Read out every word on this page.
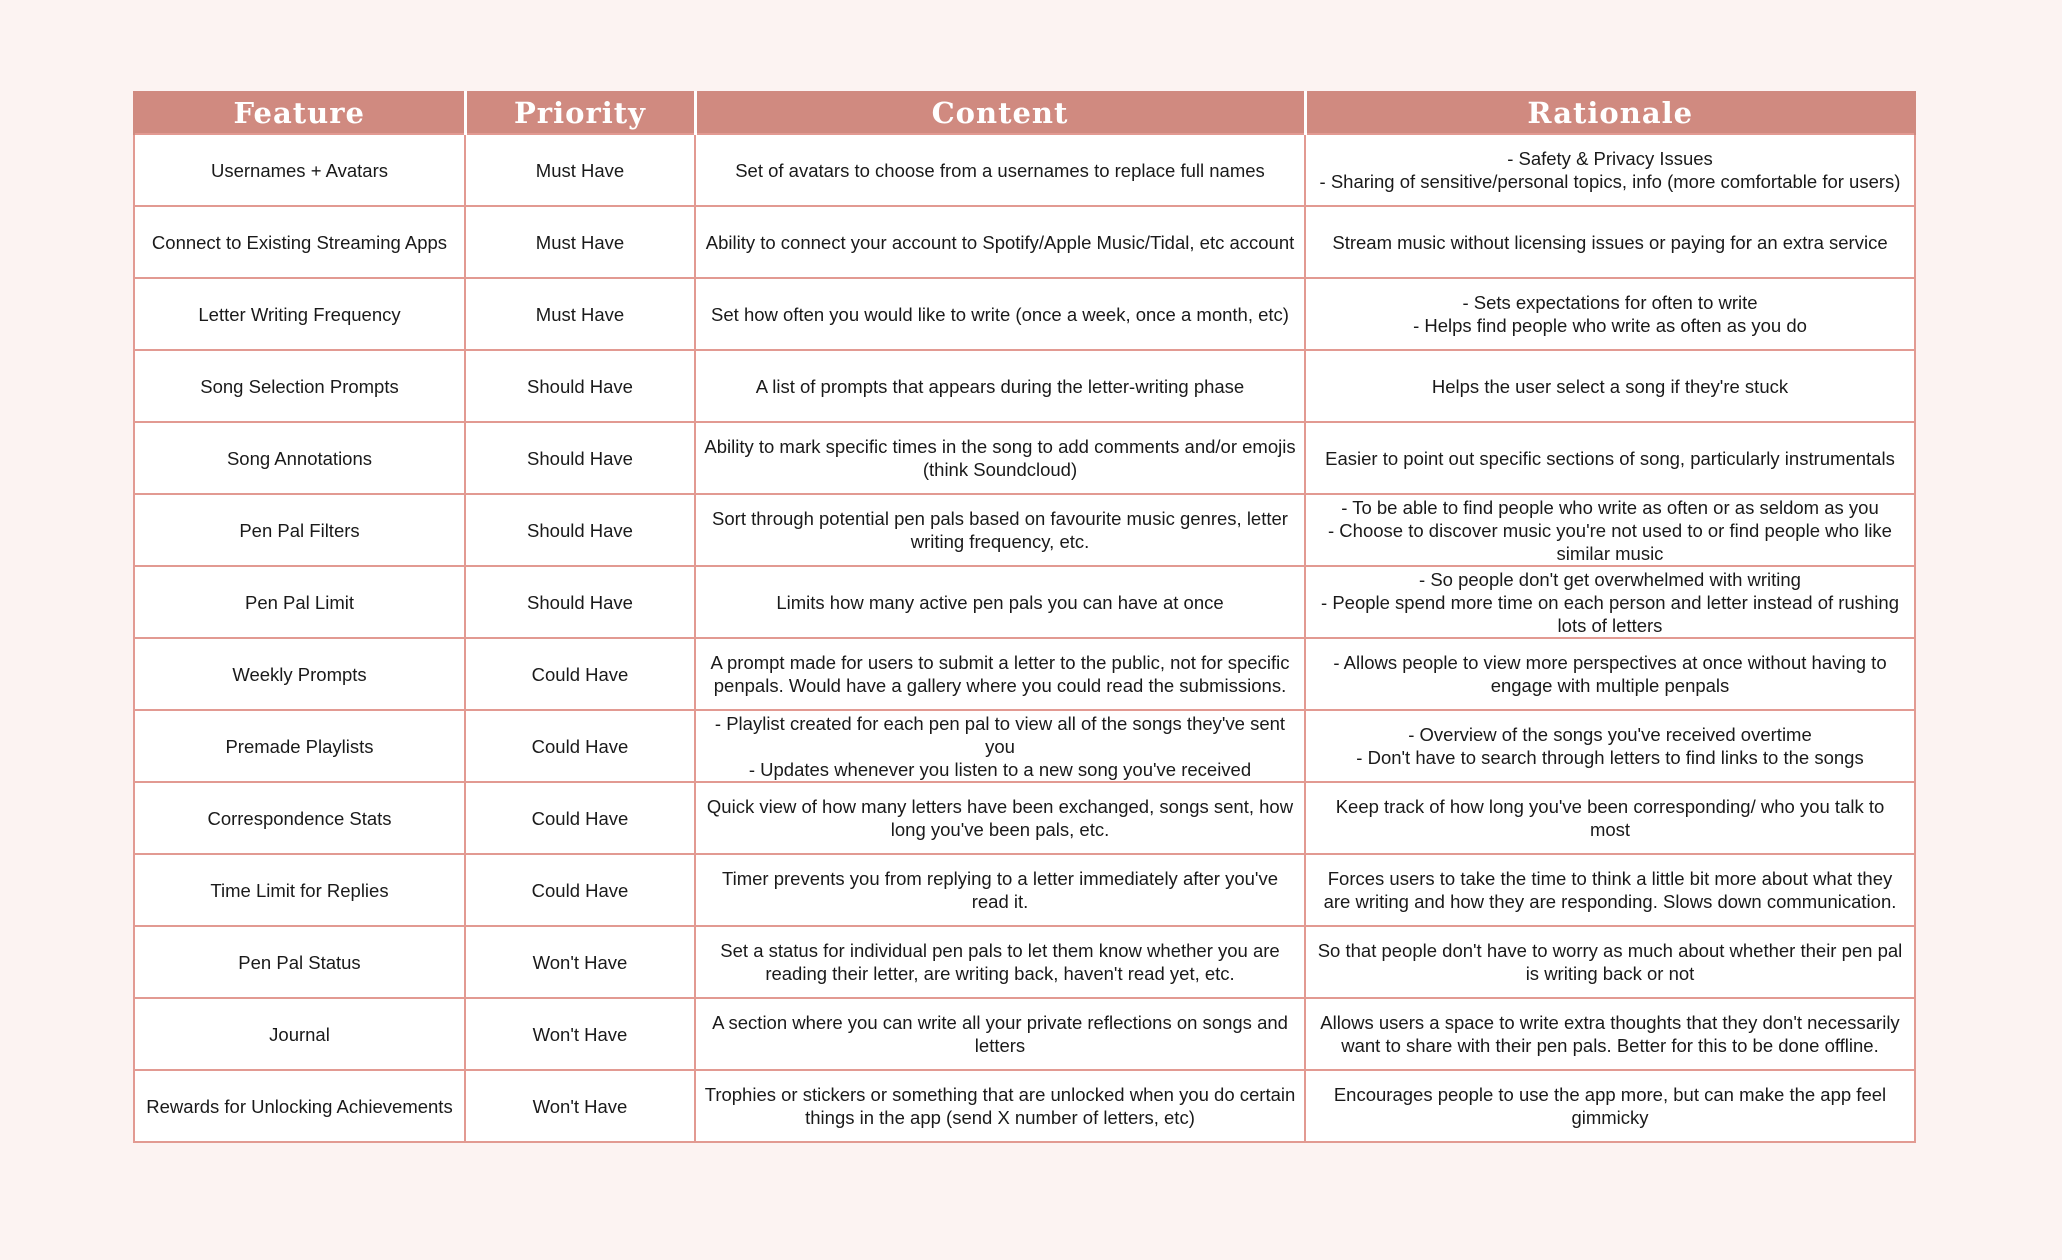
Feature	Priority	Content	Rationale
Usernames + Avatars	Must Have	Set of avatars to choose from a usernames to replace full names	- Safety & Privacy Issues
- Sharing of sensitive/personal topics, info (more comfortable for users)
Connect to Existing Streaming Apps	Must Have	Ability to connect your account to Spotify/Apple Music/Tidal, etc account	Stream music without licensing issues or paying for an extra service
Letter Writing Frequency	Must Have	Set how often you would like to write (once a week, once a month, etc)	- Sets expectations for often to write
- Helps find people who write as often as you do
Song Selection Prompts	Should Have	A list of prompts that appears during the letter-writing phase	Helps the user select a song if they're stuck
Song Annotations	Should Have	Ability to mark specific times in the song to add comments and/or emojis (think Soundcloud)	Easier to point out specific sections of song, particularly instrumentals
Pen Pal Filters	Should Have	Sort through potential pen pals based on favourite music genres, letter writing frequency, etc.	- To be able to find people who write as often or as seldom as you
- Choose to discover music you're not used to or find people who like similar music
Pen Pal Limit	Should Have	Limits how many active pen pals you can have at once	- So people don't get overwhelmed with writing
- People spend more time on each person and letter instead of rushing lots of letters
Weekly Prompts	Could Have	A prompt made for users to submit a letter to the public, not for specific penpals. Would have a gallery where you could read the submissions.	- Allows people to view more perspectives at once without having to engage with multiple penpals
Premade Playlists	Could Have	- Playlist created for each pen pal to view all of the songs they've sent you
- Updates whenever you listen to a new song you've received	- Overview of the songs you've received overtime
- Don't have to search through letters to find links to the songs
Correspondence Stats	Could Have	Quick view of how many letters have been exchanged, songs sent, how long you've been pals, etc.	Keep track of how long you've been corresponding/ who you talk to most
Time Limit for Replies	Could Have	Timer prevents you from replying to a letter immediately after you've read it.	Forces users to take the time to think a little bit more about what they are writing and how they are responding. Slows down communication.
Pen Pal Status	Won't Have	Set a status for individual pen pals to let them know whether you are reading their letter, are writing back, haven't read yet, etc.	So that people don't have to worry as much about whether their pen pal is writing back or not
Journal	Won't Have	A section where you can write all your private reflections on songs and letters	Allows users a space to write extra thoughts that they don't necessarily want to share with their pen pals. Better for this to be done offline.
Rewards for Unlocking Achievements	Won't Have	Trophies or stickers or something that are unlocked when you do certain things in the app (send X number of letters, etc)	Encourages people to use the app more, but can make the app feel gimmicky
